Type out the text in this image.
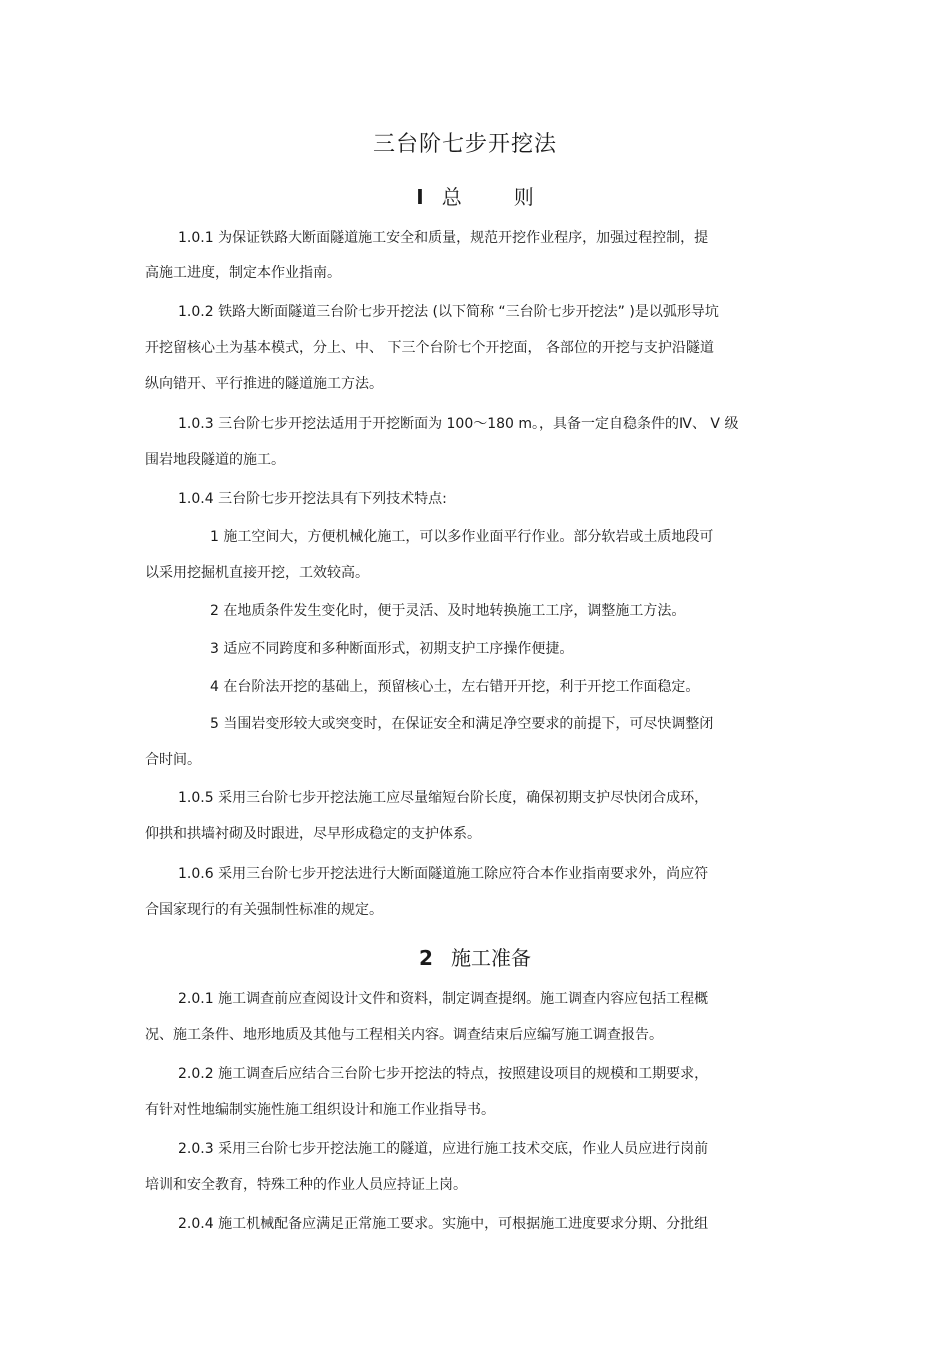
三台阶七步开挖法
I 总	则
1.0.1 为保证铁路大断面隧道施工安全和质量，规范开挖作业程序，加强过程控制，提
高施工进度，制定本作业指南。
1.0.2 铁路大断面隧道三台阶七步开挖法 (以下简称 “三台阶七步开挖法” )是以弧形导坑
开挖留核心土为基本模式，分上、中、 下三个台阶七个开挖面， 各部位的开挖与支护沿隧道
纵向错开、平行推进的隧道施工方法。
1.0.3 三台阶七步开挖法适用于开挖断面为 100～180 m。，具备一定自稳条件的Ⅳ、 Ⅴ 级
围岩地段隧道的施工。
1.0.4 三台阶七步开挖法具有下列技术特点:
1 施工空间大，方便机械化施工，可以多作业面平行作业。部分软岩或土质地段可
以采用挖掘机直接开挖，工效较高。
2 在地质条件发生变化时，便于灵活、及时地转换施工工序，调整施工方法。
3 适应不同跨度和多种断面形式，初期支护工序操作便捷。
4 在台阶法开挖的基础上，预留核心土，左右错开开挖，利于开挖工作面稳定。
5 当围岩变形较大或突变时，在保证安全和满足净空要求的前提下，可尽快调整闭
合时间。
1.0.5 采用三台阶七步开挖法施工应尽量缩短台阶长度，确保初期支护尽快闭合成环，
仰拱和拱墙衬砌及时跟进，尽早形成稳定的支护体系。
1.0.6 采用三台阶七步开挖法进行大断面隧道施工除应符合本作业指南要求外，尚应符
合国家现行的有关强制性标准的规定。
2 施工准备
2.0.1 施工调查前应查阅设计文件和资料，制定调查提纲。施工调查内容应包括工程概
况、施工条件、地形地质及其他与工程相关内容。调查结束后应编写施工调查报告。
2.0.2 施工调查后应结合三台阶七步开挖法的特点，按照建设项目的规模和工期要求，
有针对性地编制实施性施工组织设计和施工作业指导书。
2.0.3 采用三台阶七步开挖法施工的隧道，应进行施工技术交底，作业人员应进行岗前
培训和安全教育，特殊工种的作业人员应持证上岗。
2.0.4 施工机械配备应满足正常施工要求。实施中，可根据施工进度要求分期、分批组
